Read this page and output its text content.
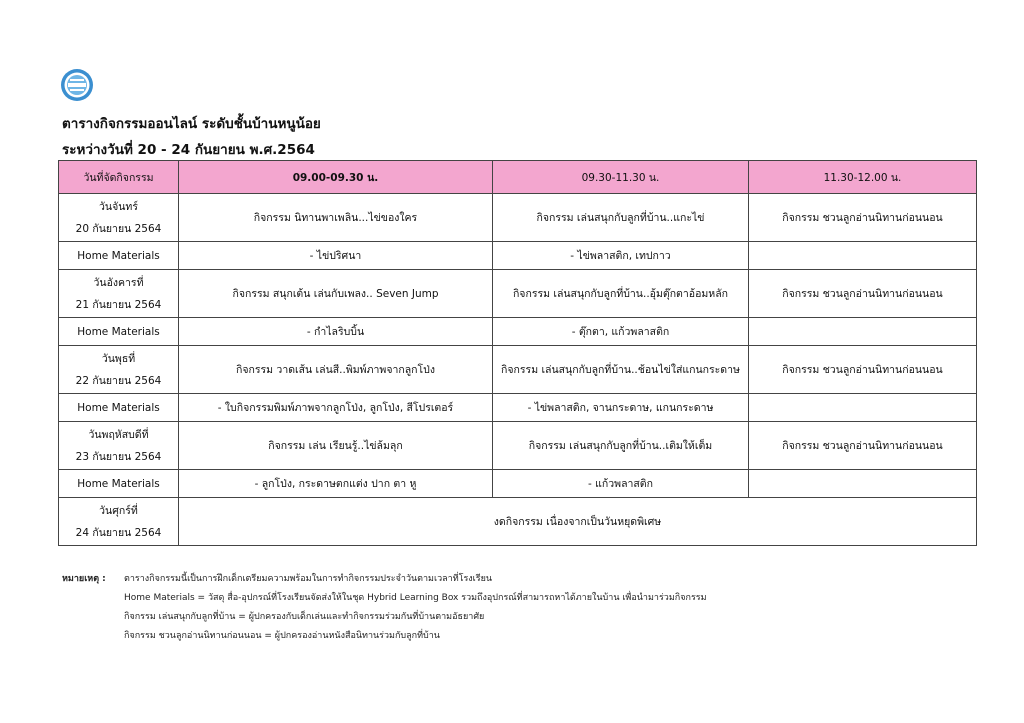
ตารางกิจกรรมออนไลน์ ระดับชั้นบ้านหนูน้อย
ระหว่างวันที่ 20 - 24 กันยายน พ.ศ.2564
วันที่จัดกิจกรรม	09.00-09.30 น.	09.30-11.30 น.	11.30-12.00 น.

วันจันทร์
20 กันยายน 2564	กิจกรรม นิทานพาเพลิน...ไข่ของใคร	กิจกรรม เล่นสนุกกับลูกที่บ้าน..แกะไข่	กิจกรรม ชวนลูกอ่านนิทานก่อนนอน
Home Materials	- ไข่ปริศนา	- ไข่พลาสติก, เทปกาว	

วันอังคารที่
21 กันยายน 2564	กิจกรรม สนุกเต้น เล่นกับเพลง.. Seven Jump	กิจกรรม เล่นสนุกกับลูกที่บ้าน..อุ้มตุ๊กตาอ้อมหลัก	กิจกรรม ชวนลูกอ่านนิทานก่อนนอน
Home Materials	- กำไลริบบิ้น	- ตุ๊กตา, แก้วพลาสติก	

วันพุธที่
22 กันยายน 2564	กิจกรรม วาดเส้น เล่นสี..พิมพ์ภาพจากลูกโป่ง	กิจกรรม เล่นสนุกกับลูกที่บ้าน..ช้อนไข่ใส่แกนกระดาษ	กิจกรรม ชวนลูกอ่านนิทานก่อนนอน
Home Materials	- ใบกิจกรรมพิมพ์ภาพจากลูกโป่ง, ลูกโป่ง, สีโปรเตอร์	- ไข่พลาสติก, จานกระดาษ, แกนกระดาษ	

วันพฤหัสบดีที่
23 กันยายน 2564	กิจกรรม เล่น เรียนรู้..ไข่ล้มลุก	กิจกรรม เล่นสนุกกับลูกที่บ้าน..เติมให้เต็ม	กิจกรรม ชวนลูกอ่านนิทานก่อนนอน
Home Materials	- ลูกโป่ง, กระดาษตกแต่ง ปาก ตา หู	- แก้วพลาสติก	

วันศุกร์ที่
24 กันยายน 2564	งดกิจกรรม เนื่องจากเป็นวันหยุดพิเศษ		
หมายเหตุ :	ตารางกิจกรรมนี้เป็นการฝึกเด็กเตรียมความพร้อมในการทำกิจกรรมประจำวันตามเวลาที่โรงเรียน
Home Materials = วัสดุ สื่อ-อุปกรณ์ที่โรงเรียนจัดส่งให้ในชุด Hybrid Learning Box รวมถึงอุปกรณ์ที่สามารถหาได้ภายในบ้าน เพื่อนำมาร่วมกิจกรรม
กิจกรรม เล่นสนุกกับลูกที่บ้าน = ผู้ปกครองกับเด็กเล่นและทำกิจกรรมร่วมกันที่บ้านตามอัธยาศัย
กิจกรรม ชวนลูกอ่านนิทานก่อนนอน = ผู้ปกครองอ่านหนังสือนิทานร่วมกับลูกที่บ้าน
